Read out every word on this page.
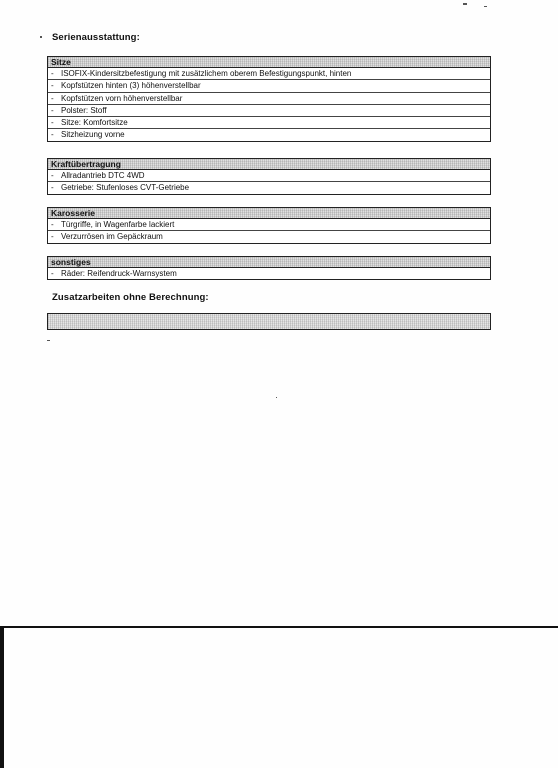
Serienausstattung:
Sitze
- ISOFIX-Kindersitzbefestigung mit zusätzlichem oberem Befestigungspunkt, hinten
- Kopfstützen hinten (3) höhenverstellbar
- Kopfstützen vorn höhenverstellbar
- Polster: Stoff
- Sitze: Komfortsitze
- Sitzheizung vorne
Kraftübertragung
- Allradantrieb DTC 4WD
- Getriebe: Stufenloses CVT-Getriebe
Karosserie
- Türgriffe, in Wagenfarbe lackiert
- Verzurrösen im Gepäckraum
sonstiges
- Räder: Reifendruck-Warnsystem
Zusatzarbeiten ohne Berechnung:
